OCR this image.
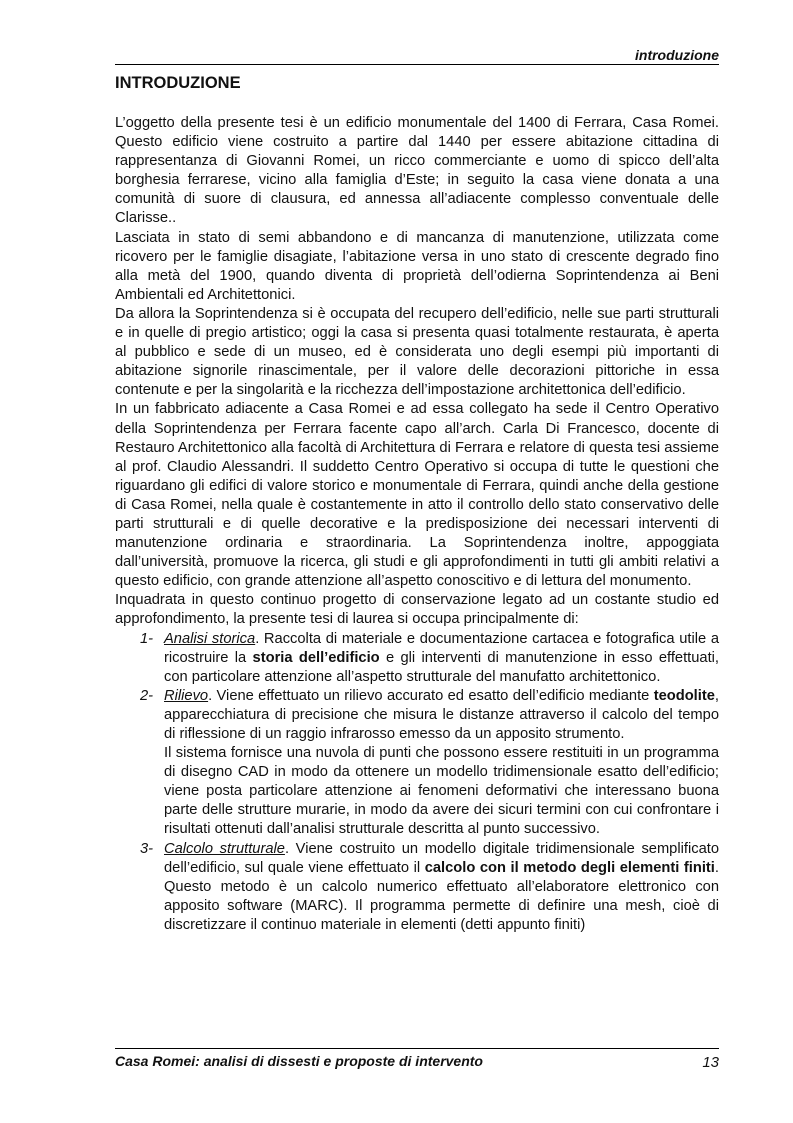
introduzione
INTRODUZIONE

L’oggetto della presente tesi è un edificio monumentale del 1400 di Ferrara, Casa Romei. Questo edificio viene costruito a partire dal 1440 per essere abitazione cittadina di rappresentanza di Giovanni Romei, un ricco commerciante e uomo di spicco dell’alta borghesia ferrarese, vicino alla famiglia d’Este; in seguito la casa viene donata a una comunità di suore di clausura, ed annessa all’adiacente complesso conventuale delle Clarisse..

Lasciata in stato di semi abbandono e di mancanza di manutenzione, utilizzata come ricovero per le famiglie disagiate, l’abitazione versa in uno stato di crescente degrado fino alla metà del 1900, quando diventa di proprietà dell’odierna Soprintendenza ai Beni Ambientali ed Architettonici.

Da allora la Soprintendenza si è occupata del recupero dell’edificio, nelle sue parti strutturali e in quelle di pregio artistico; oggi la casa si presenta quasi totalmente restaurata, è aperta al pubblico e sede di un museo, ed è considerata uno degli esempi più importanti di abitazione signorile rinascimentale, per il valore delle decorazioni pittoriche in essa contenute e per la singolarità e la ricchezza dell’impostazione architettonica dell’edificio.

In un fabbricato adiacente a Casa Romei e ad essa collegato ha sede il Centro Operativo della Soprintendenza per Ferrara facente capo all’arch. Carla Di Francesco, docente di Restauro Architettonico alla facoltà di Architettura di Ferrara e relatore di questa tesi assieme al prof. Claudio Alessandri. Il suddetto Centro Operativo si occupa di tutte le questioni che riguardano gli edifici di valore storico e monumentale di Ferrara, quindi anche della gestione di Casa Romei, nella quale è costantemente in atto il controllo dello stato conservativo delle parti strutturali e di quelle decorative e la predisposizione dei necessari interventi di manutenzione ordinaria e straordinaria. La Soprintendenza inoltre, appoggiata dall’università, promuove la ricerca, gli studi e gli approfondimenti in tutti gli ambiti relativi a questo edificio, con grande attenzione all’aspetto conoscitivo e di lettura del monumento.

Inquadrata in questo continuo progetto di conservazione legato ad un costante studio ed approfondimento, la presente tesi di laurea si occupa principalmente di:

1- Analisi storica. Raccolta di materiale e documentazione cartacea e fotografica utile a ricostruire la storia dell’edificio e gli interventi di manutenzione in esso effettuati, con particolare attenzione all’aspetto strutturale del manufatto architettonico.
2- Rilievo. Viene effettuato un rilievo accurato ed esatto dell’edificio mediante teodolite, apparecchiatura di precisione che misura le distanze attraverso il calcolo del tempo di riflessione di un raggio infrarosso emesso da un apposito strumento.
Il sistema fornisce una nuvola di punti che possono essere restituiti in un programma di disegno CAD in modo da ottenere un modello tridimensionale esatto dell’edificio; viene posta particolare attenzione ai fenomeni deformativi che interessano buona parte delle strutture murarie, in modo da avere dei sicuri termini con cui confrontare i risultati ottenuti dall’analisi strutturale descritta al punto successivo.
3- Calcolo strutturale. Viene costruito un modello digitale tridimensionale semplificato dell’edificio, sul quale viene effettuato il calcolo con il metodo degli elementi finiti. Questo metodo è un calcolo numerico effettuato all’elaboratore elettronico con apposito software (MARC). Il programma permette di definire una mesh, cioè di discretizzare il continuo materiale in elementi (detti appunto finiti)
Casa Romei: analisi di dissesti e proposte di intervento	13
